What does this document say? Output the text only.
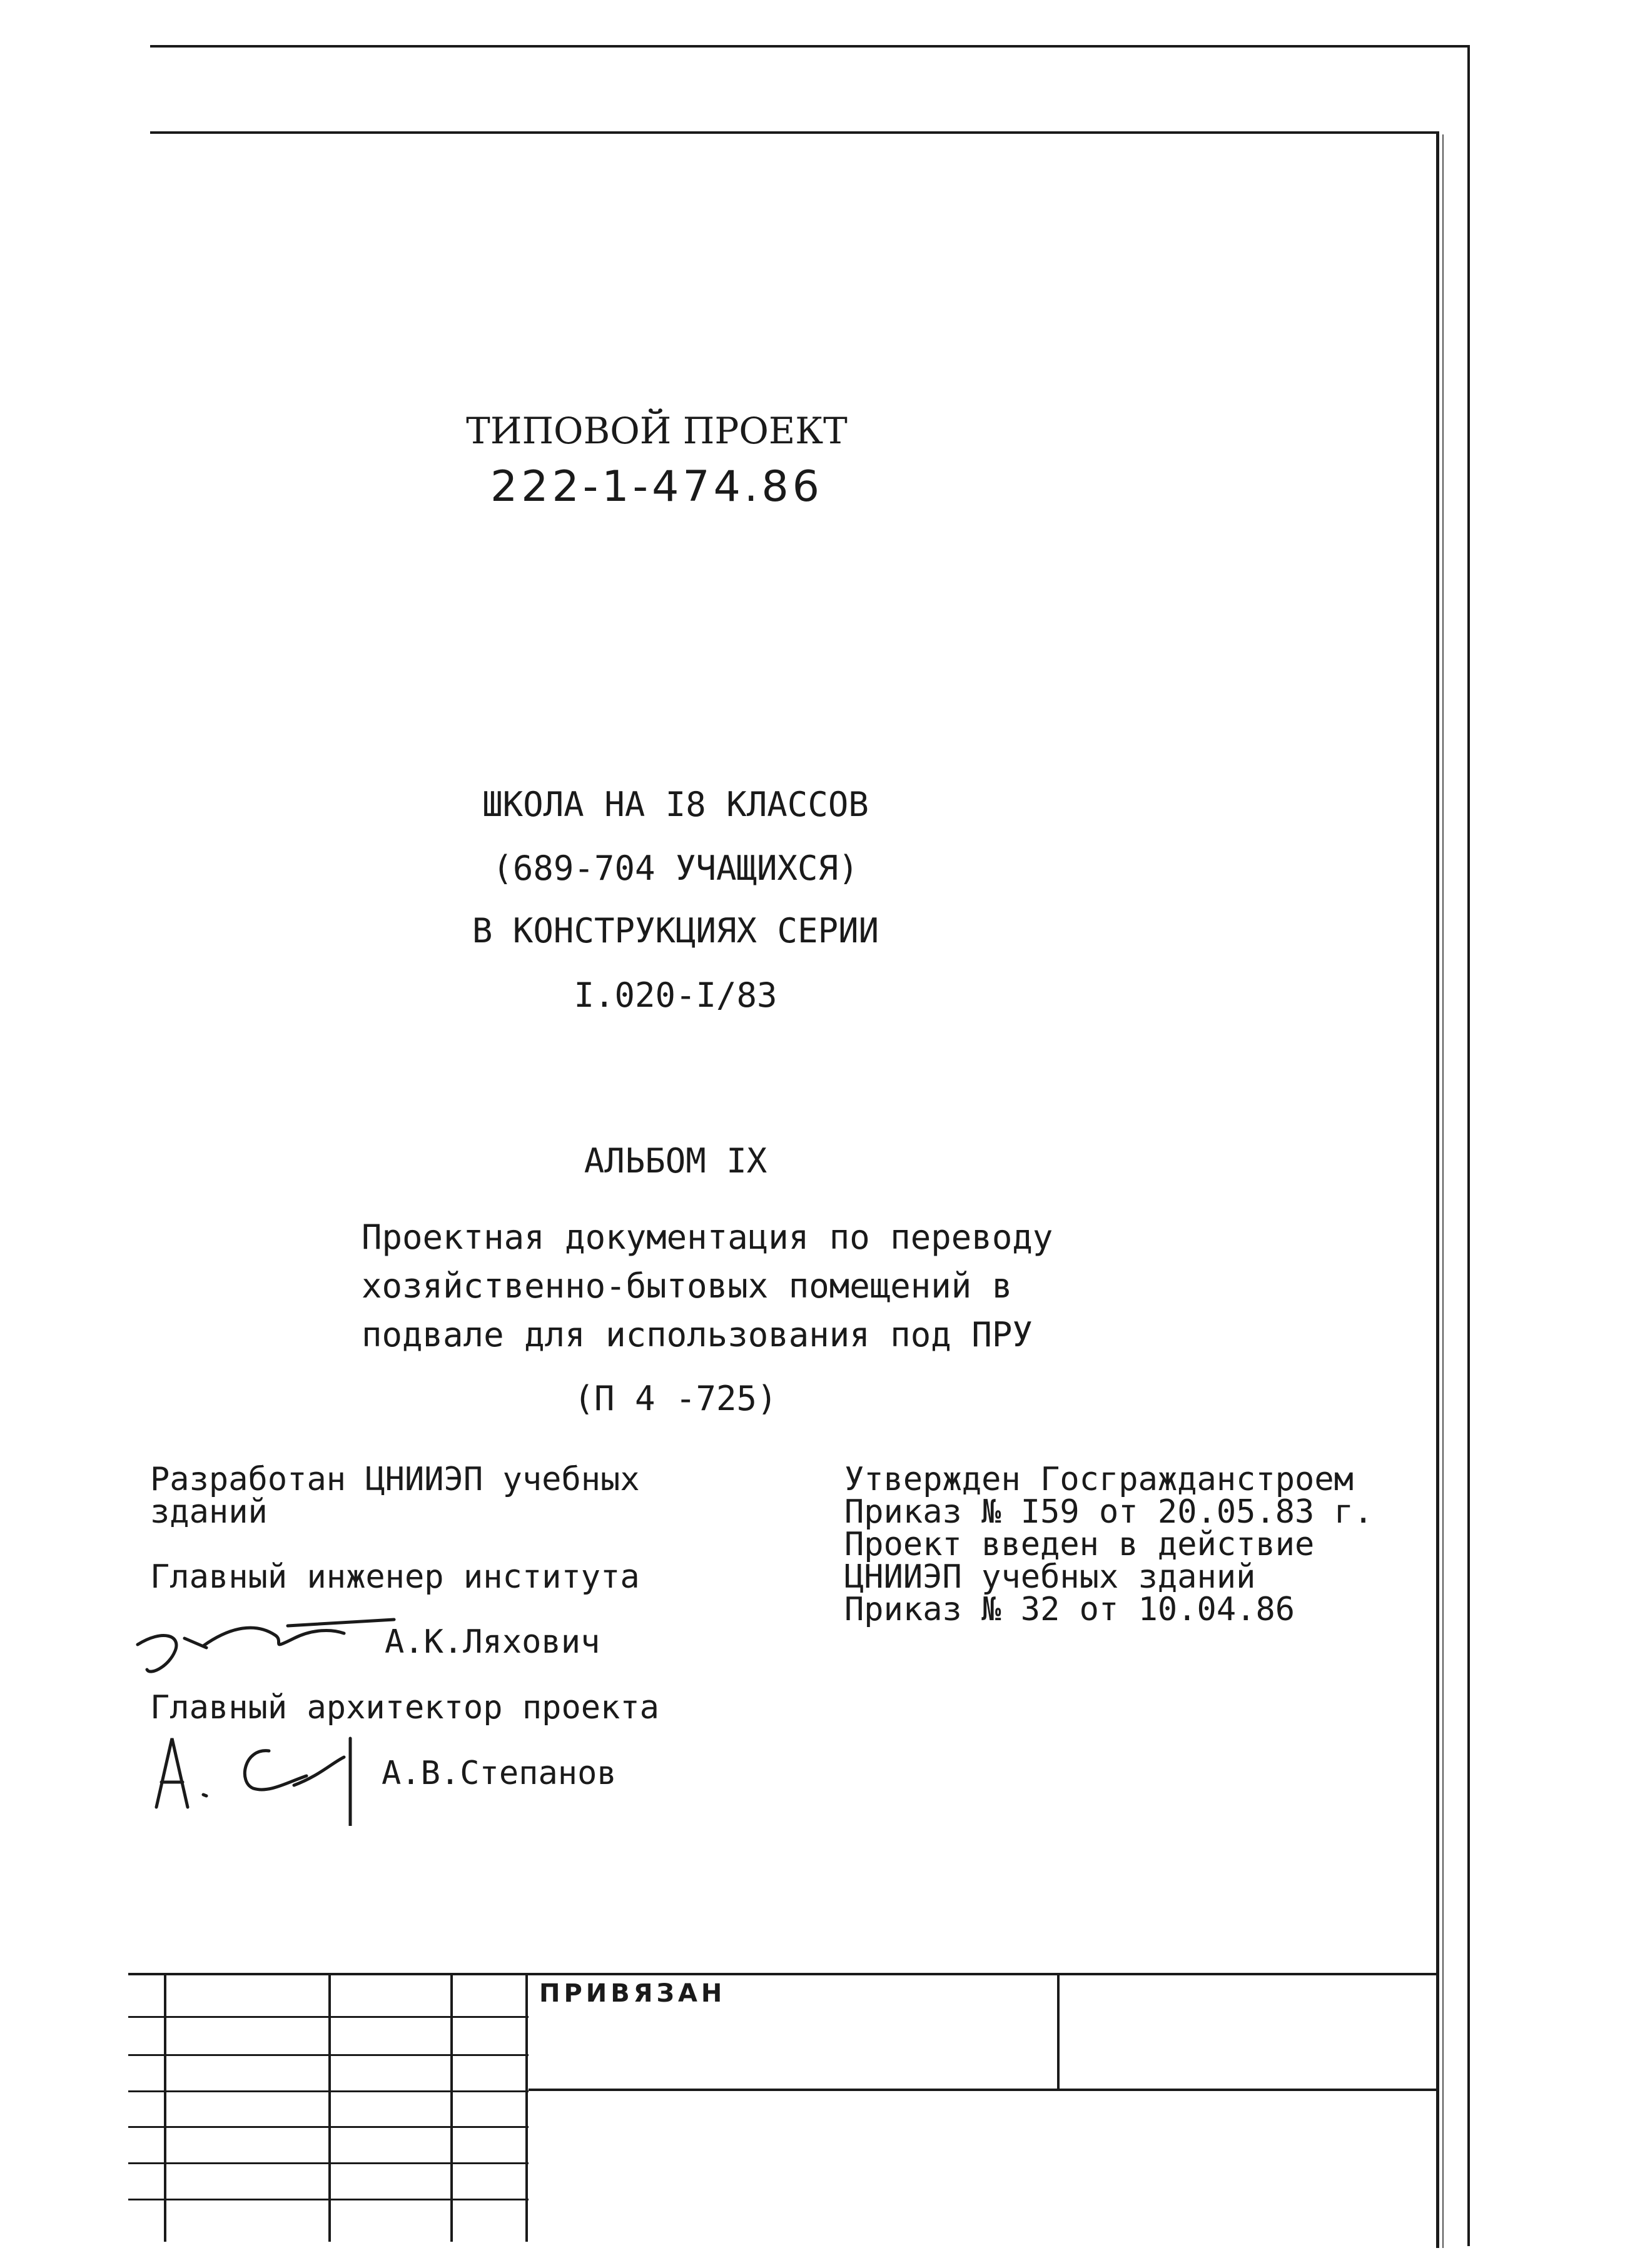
ТИПОВОЙ ПРОЕКТ
222-1-474.86
ШКОЛА НА I8 КЛАССОВ
(689-704 УЧАЩИХСЯ)
В КОНСТРУКЦИЯХ СЕРИИ
I.020-I/83
АЛЬБОМ IX
Проектная документация по переводу
хозяйственно-бытовых помещений в
подвале для использования под ПРУ
(П 4 -725)
Разработан ЦНИИЭП учебных
зданий
Главный инженер института
А.К.Ляхович
Главный архитектор проекта
А.В.Степанов
Утвержден Госгражданстроем
Приказ № I59 от 20.05.83 г.
Проект введен в действие
ЦНИИЭП учебных зданий
Приказ № 32 от 10.04.86
ПРИВЯЗАН
